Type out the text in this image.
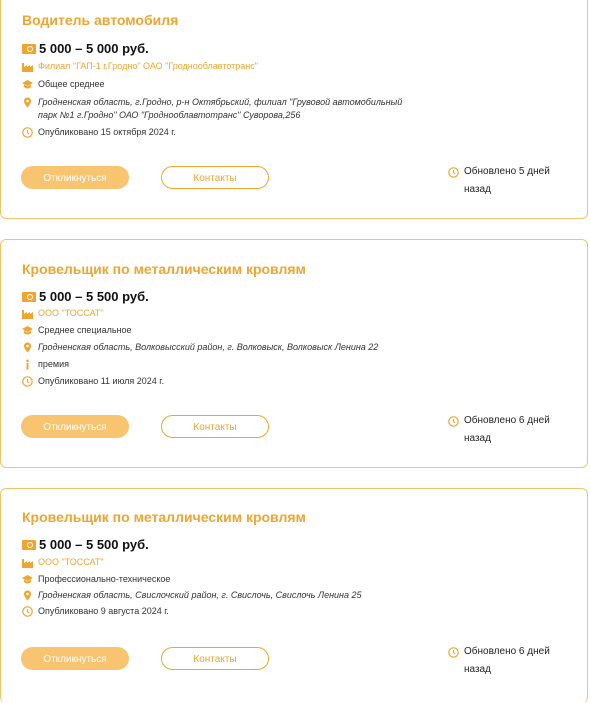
Водитель автомобиля
5 000 – 5 000 руб.
Филиал "ГАП-1 г.Гродно" ОАО "Гроднооблавтотранс"
Общее среднее
Гродненская область, г.Гродно, р-н Октябрьский, филиал "Грувовой автомобильный парк №1 г.Гродно" ОАО "Гроднооблавтотранс" Суворова,256
Опубликовано 15 октября 2024 г.
Откликнуться	Контакты
Обновлено 5 дней назад
Кровельщик по металлическим кровлям
5 000 – 5 500 руб.
ООО "ТОССАТ"
Среднее специальное
Гродненская область, Волковысский район, г. Волковыск, Волковыск Ленина 22
премия
Опубликовано 11 июля 2024 г.
Откликнуться	Контакты
Обновлено 6 дней назад
Кровельщик по металлическим кровлям
5 000 – 5 500 руб.
ООО "ТОССАТ"
Профессионально-техническое
Гродненская область, Свислочский район, г. Свислочь, Свислочь Ленина 25
Опубликовано 9 августа 2024 г.
Откликнуться	Контакты
Обновлено 6 дней назад
